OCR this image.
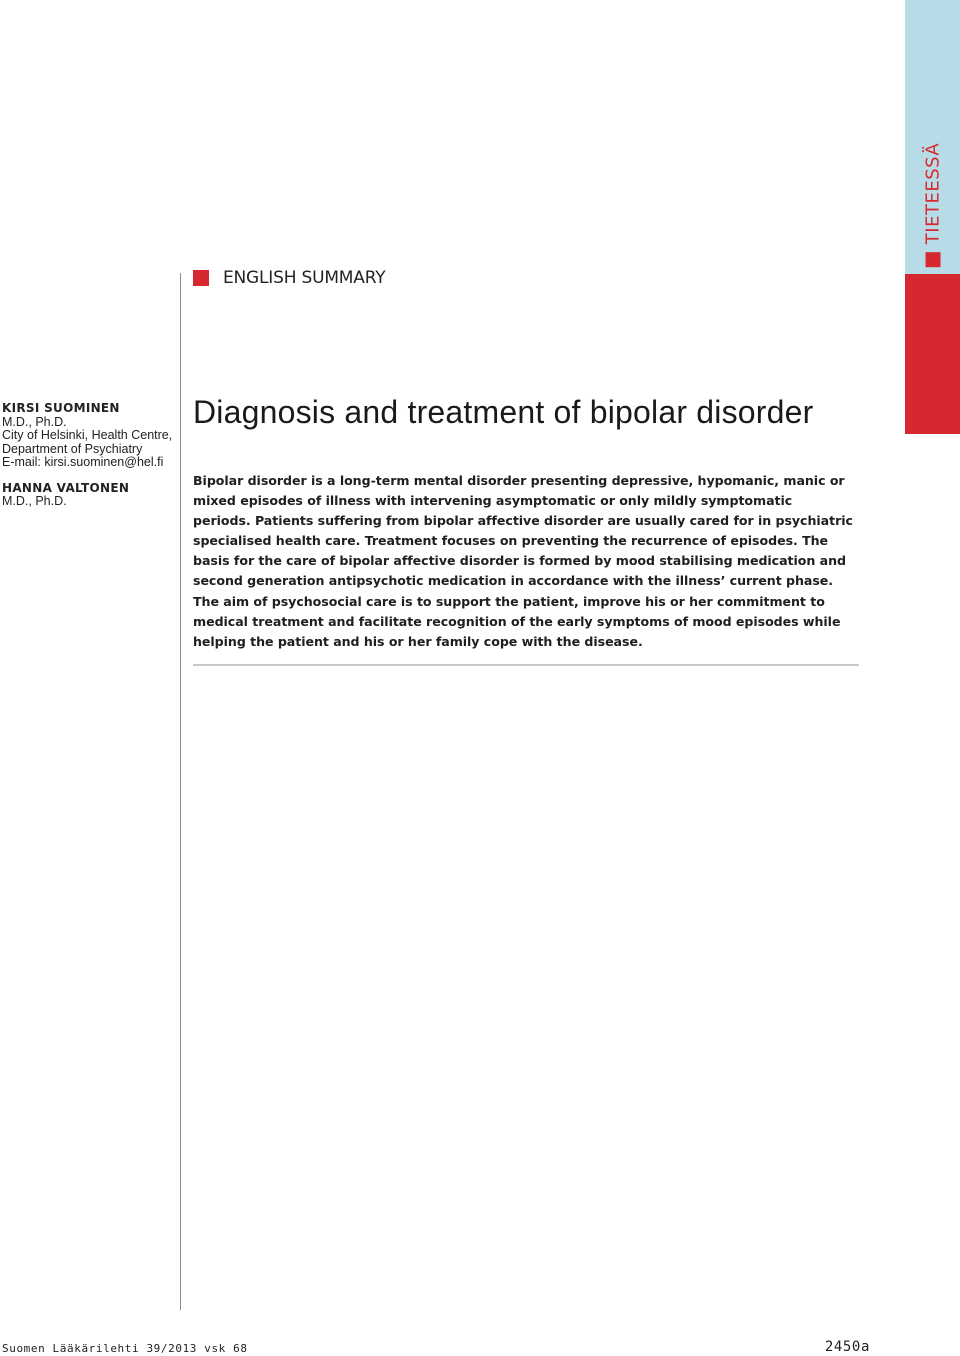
TIETEESSÄ
ENGLISH SUMMARY
KIRSI SUOMINEN
M.D., Ph.D.
City of Helsinki, Health Centre,
Department of Psychiatry
E-mail: kirsi.suominen@hel.fi
HANNA VALTONEN
M.D., Ph.D.
Diagnosis and treatment of bipolar disorder

Bipolar disorder is a long-term mental disorder presenting depressive, hypomanic, manic or mixed episodes of illness with intervening asymptomatic or only mildly symptomatic periods. Patients suffering from bipolar affective disorder are usually cared for in psychiatric specialised health care. Treatment focuses on preventing the recurrence of episodes. The basis for the care of bipolar affective disorder is formed by mood stabilising medication and second generation antipsychotic medication in accordance with the illness’ current phase. The aim of psychosocial care is to support the patient, improve his or her commitment to medical treatment and facilitate recognition of the early symptoms of mood episodes while helping the patient and his or her family cope with the disease.

Suomen Lääkärilehti 39/2013 vsk 68	2450a
